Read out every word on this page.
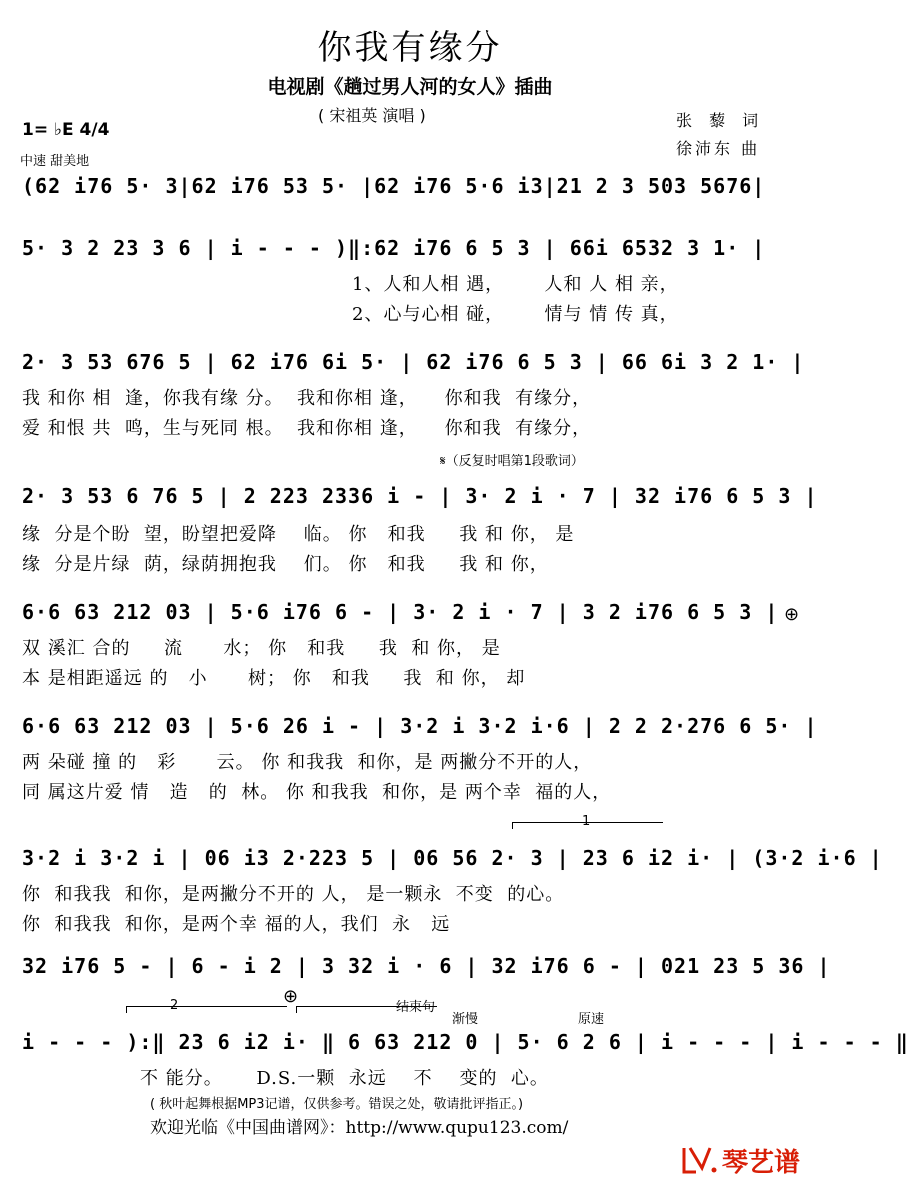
你我有缘分
电视剧《趟过男人河的女人》插曲
( 宋祖英 演唱 )
1= ♭E 4/4
中速 甜美地
张 藜 词
徐沛东 曲
(62 i76 5· 3|62 i76 53 5· |62 i76 5·6 i3|21 2 3 503 5676|
5· 3 2 23 3 6 | i - - - )‖:62 i76 6 5 3 | 66i 6532 3 1· |
1、人和人相 遇，      人和 人 相 亲，
2、心与心相 碰，      情与 情 传 真，
2· 3 53 676 5 | 62 i76 6i 5· | 62 i76 6 5 3 | 66 6i 3 2 1· |
我 和你 相  逢，你我有缘 分。  我和你相 逢，    你和我  有缘分，
爱 和恨 共  鸣，生与死同 根。  我和你相 逢，    你和我  有缘分，
𝄋（反复时唱第1段歌词）
2· 3 53 6 76 5 | 2 223 2336 i - | 3· 2 i · 7 | 32 i76 6 5 3 |
缘  分是个盼  望，盼望把爱降    临。 你   和我     我 和 你， 是
缘  分是片绿  荫，绿荫拥抱我    们。 你   和我     我 和 你，
6·6 63 212 03 | 5·6 i76 6 - | 3· 2 i · 7 | 3 2 i76 6 5 3 |
双 溪汇 合的     流      水； 你   和我     我  和 你， 是
本 是相距遥远 的   小      树； 你   和我     我  和 你， 却
⊕
6·6 63 212 03 | 5·6 26 i - | 3·2 i 3·2 i·6 | 2 2 2·276 6 5· |
两 朵碰 撞 的   彩      云。 你 和我我  和你，是 两撇分不开的人，
同 属这片爱 情   造   的  林。 你 和我我  和你，是 两个幸  福的人，
1
3·2 i 3·2 i | 06 i3 2·223 5 | 06 56 2· 3 | 23 6 i2 i· | (3·2 i·6 |
你  和我我  和你，是两撇分不开的 人， 是一颗永  不变  的心。
你  和我我  和你，是两个幸 福的人，我们  永   远
32 i76 5 - | 6 - i 2 | 3 32 i · 6 | 32 i76 6 - | 021 23 5 36 |
2	⊕
结束句
渐慢	原速
i - - - ):‖ 23 6 i2 i· ‖ 6 63 212 0 | 5· 6 2 6 | i - - - | i - - - ‖
不 能分。     D.S.一颗  永远    不    变的  心。
( 秋叶起舞根据MP3记谱，仅供参考。错误之处，敬请批评指正。)
欢迎光临《中国曲谱网》：http://www.qupu123.com/
琴艺谱
